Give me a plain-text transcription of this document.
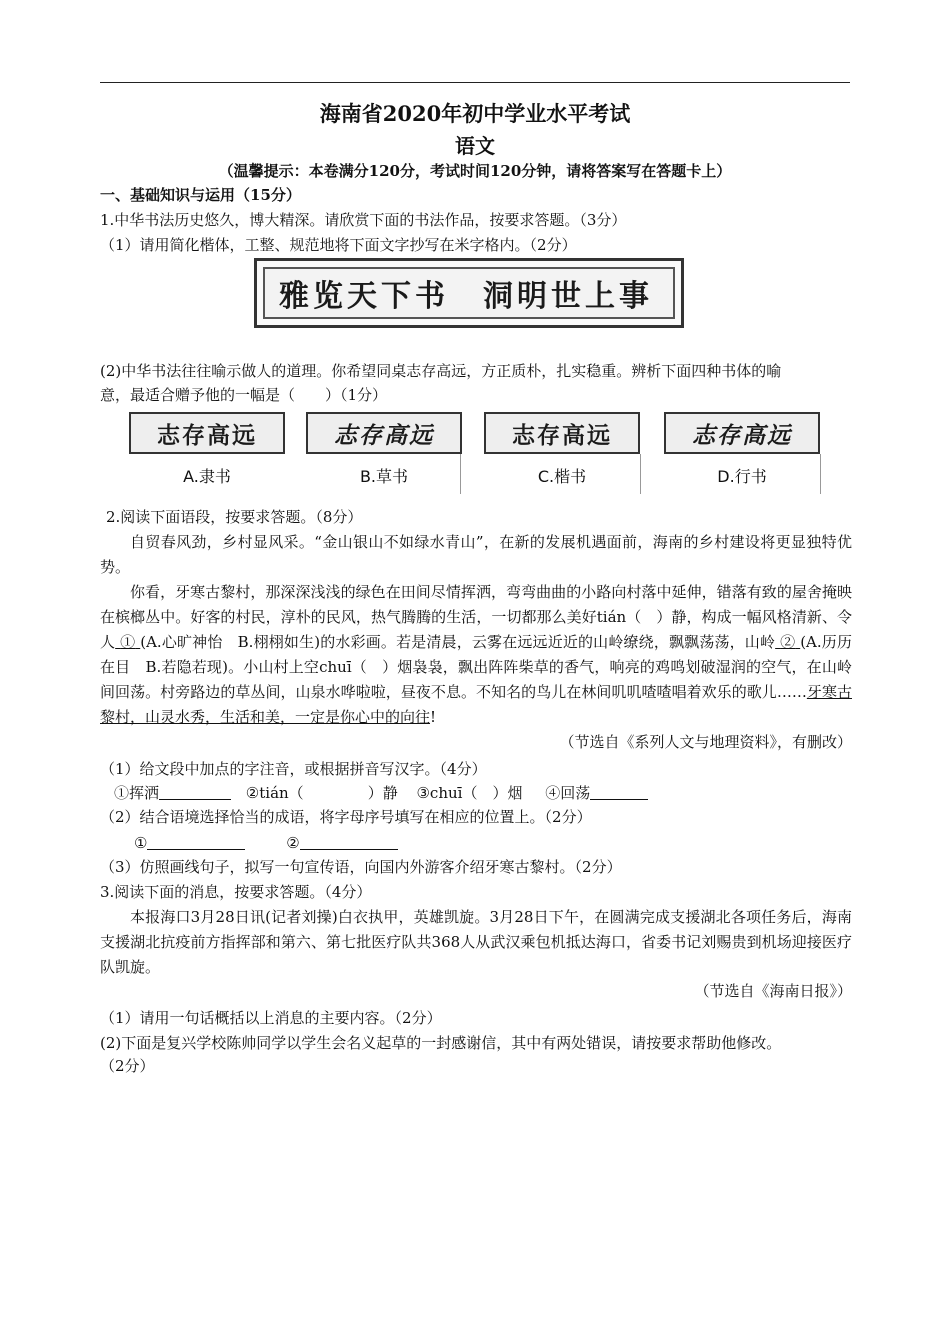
海南省2020年初中学业水平考试
语文
（温馨提示：本卷满分120分，考试时间120分钟，请将答案写在答题卡上）
一、基础知识与运用（15分）
1.中华书法历史悠久，博大精深。请欣赏下面的书法作品，按要求答题。（3分）
（1）请用简化楷体，工整、规范地将下面文字抄写在米字格内。（2分）
雅览天下书　洞明世上事
(2)中华书法往往喻示做人的道理。你希望同桌志存高远，方正质朴，扎实稳重。辨析下面四种书体的喻
意，最适合赠予他的一幅是（　　）（1分）
志存高远	志存高远	志存高远	志存高远
A.隶书	B.草书	C.楷书	D.行书
2.阅读下面语段，按要求答题。（8分）
自贸春风劲，乡村显风采。“金山银山不如绿水青山”，在新的发展机遇面前，海南的乡村建设将更显独特优势。
你看，牙寒古黎村，那深深浅浅的绿色在田间尽情挥洒，弯弯曲曲的小路向村落中延伸，错落有致的屋舍掩映在槟榔丛中。好客的村民，淳朴的民风，热气腾腾的生活，一切都那么美好tián（　）静，构成一幅风格清新、令人 ① (A.心旷神怡　B.栩栩如生)的水彩画。若是清晨，云雾在远远近近的山岭缭绕，飘飘荡荡，山岭 ② (A.历历在目　B.若隐若现)。小山村上空chuī（　）烟袅袅，飘出阵阵柴草的香气，响亮的鸡鸣划破湿润的空气，在山岭间回荡。村旁路边的草丛间，山泉水哗啦啦，昼夜不息。不知名的鸟儿在林间叽叽喳喳唱着欢乐的歌儿……牙寒古黎村，山灵水秀，生活和美，一定是你心中的向往!
（节选自《系列人文与地理资料》，有删改）
（1）给文段中加点的字注音，或根据拼音写汉字。（4分）
①挥洒	②tián（	）静 ③chuī（　）烟 ④回荡
（2）结合语境选择恰当的成语，将字母序号填写在相应的位置上。（2分）
①	②
（3）仿照画线句子，拟写一句宣传语，向国内外游客介绍牙寒古黎村。（2分）
3.阅读下面的消息，按要求答题。（4分）
本报海口3月28日讯(记者刘操)白衣执甲，英雄凯旋。3月28日下午，在圆满完成支援湖北各项任务后，海南支援湖北抗疫前方指挥部和第六、第七批医疗队共368人从武汉乘包机抵达海口，省委书记刘赐贵到机场迎接医疗队凯旋。
（节选自《海南日报》）
（1）请用一句话概括以上消息的主要内容。（2分）
(2)下面是复兴学校陈帅同学以学生会名义起草的一封感谢信，其中有两处错误，请按要求帮助他修改。
（2分）
